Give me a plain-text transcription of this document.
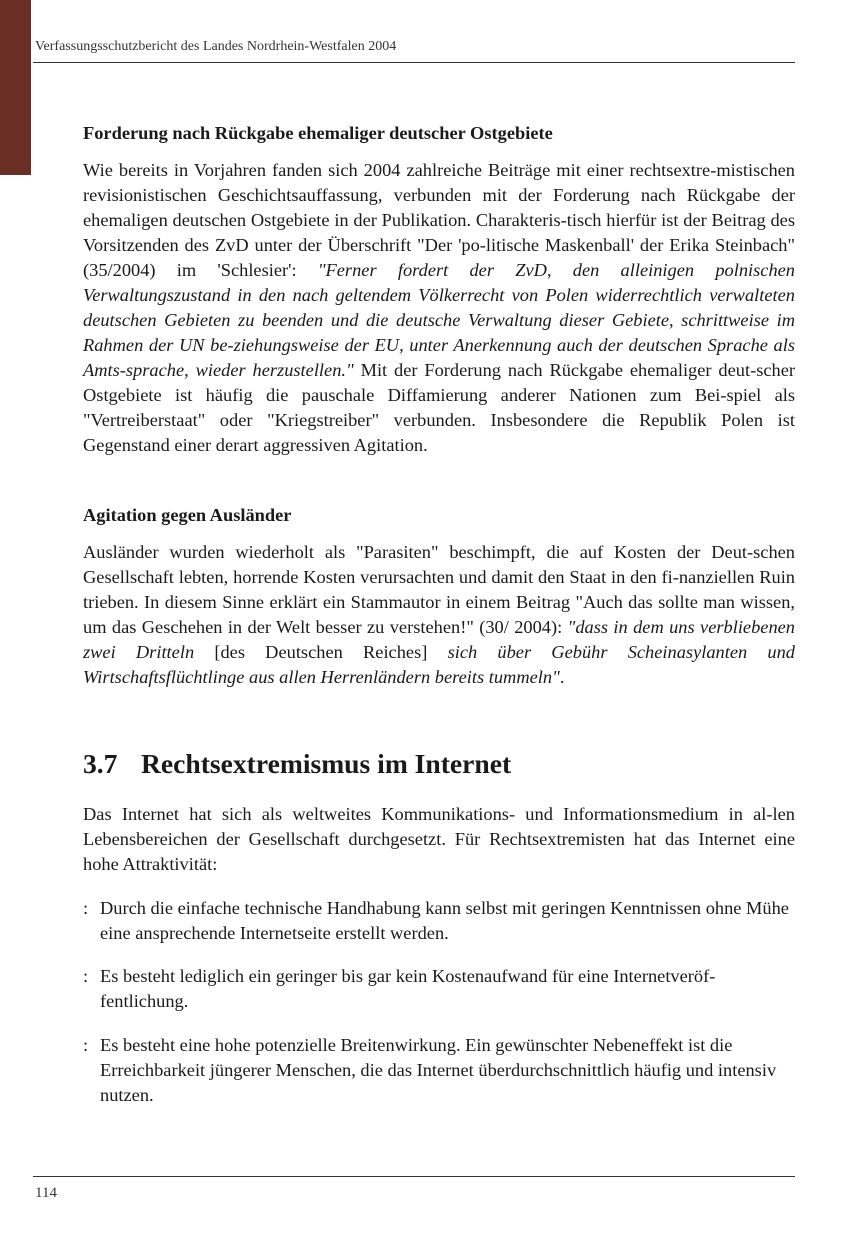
Verfassungsschutzbericht des Landes Nordrhein-Westfalen 2004
Forderung nach Rückgabe ehemaliger deutscher Ostgebiete

Wie bereits in Vorjahren fanden sich 2004 zahlreiche Beiträge mit einer rechtsextre-mistischen revisionistischen Geschichtsauffassung, verbunden mit der Forderung nach Rückgabe der ehemaligen deutschen Ostgebiete in der Publikation. Charakteris-tisch hierfür ist der Beitrag des Vorsitzenden des ZvD unter der Überschrift "Der 'po-litische Maskenball' der Erika Steinbach" (35/2004) im 'Schlesier': "Ferner fordert der ZvD, den alleinigen polnischen Verwaltungszustand in den nach geltendem Völkerrecht von Polen widerrechtlich verwalteten deutschen Gebieten zu beenden und die deutsche Verwaltung dieser Gebiete, schrittweise im Rahmen der UN be-ziehungsweise der EU, unter Anerkennung auch der deutschen Sprache als Amts-sprache, wieder herzustellen." Mit der Forderung nach Rückgabe ehemaliger deut-scher Ostgebiete ist häufig die pauschale Diffamierung anderer Nationen zum Bei-spiel als "Vertreiberstaat" oder "Kriegstreiber" verbunden. Insbesondere die Republik Polen ist Gegenstand einer derart aggressiven Agitation.

Agitation gegen Ausländer

Ausländer wurden wiederholt als "Parasiten" beschimpft, die auf Kosten der Deut-schen Gesellschaft lebten, horrende Kosten verursachten und damit den Staat in den fi-nanziellen Ruin trieben. In diesem Sinne erklärt ein Stammautor in einem Beitrag "Auch das sollte man wissen, um das Geschehen in der Welt besser zu verstehen!" (30/ 2004): "dass in dem uns verbliebenen zwei Dritteln [des Deutschen Reiches] sich über Gebühr Scheinasylanten und Wirtschaftsflüchtlinge aus allen Herrenländern bereits tummeln".

3.7 Rechtsextremismus im Internet

Das Internet hat sich als weltweites Kommunikations- und Informationsmedium in al-len Lebensbereichen der Gesellschaft durchgesetzt. Für Rechtsextremisten hat das Internet eine hohe Attraktivität:

: Durch die einfache technische Handhabung kann selbst mit geringen Kenntnissen ohne Mühe eine ansprechende Internetseite erstellt werden.

: Es besteht lediglich ein geringer bis gar kein Kostenaufwand für eine Internetveröf-fentlichung.

: Es besteht eine hohe potenzielle Breitenwirkung. Ein gewünschter Nebeneffekt ist die Erreichbarkeit jüngerer Menschen, die das Internet überdurchschnittlich häufig und intensiv nutzen.

114
